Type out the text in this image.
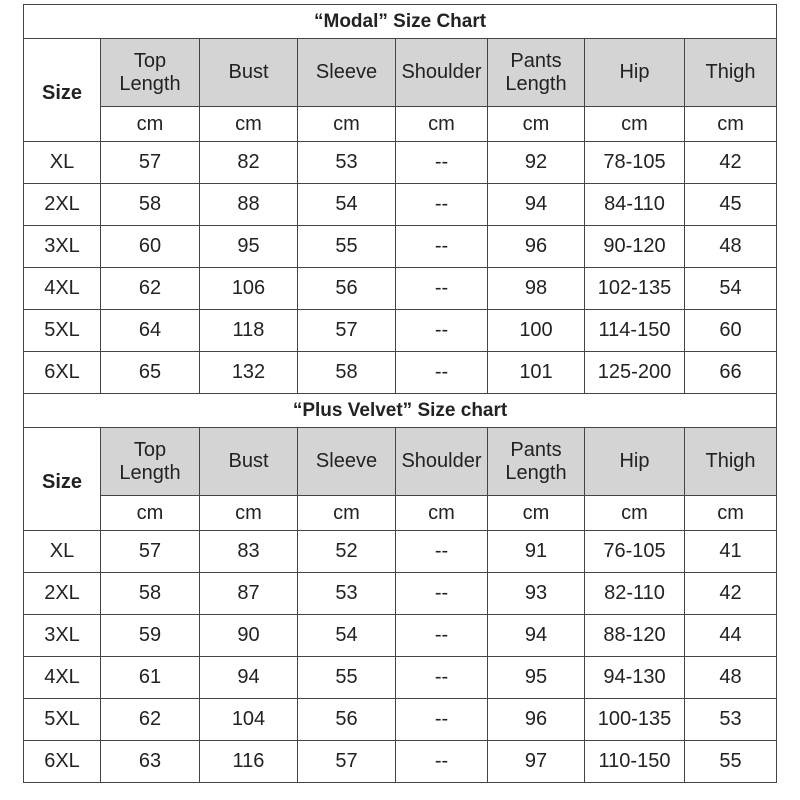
“Modal” Size Chart							
Size	Top Length	Bust	Sleeve	Shoulder	Pants Length	Hip	Thigh
	cm	cm	cm	cm	cm	cm	cm
XL	57	82	53	--	92	78-105	42
2XL	58	88	54	--	94	84-110	45
3XL	60	95	55	--	96	90-120	48
4XL	62	106	56	--	98	102-135	54
5XL	64	118	57	--	100	114-150	60
6XL	65	132	58	--	101	125-200	66
“Plus Velvet” Size chart							
Size	Top Length	Bust	Sleeve	Shoulder	Pants Length	Hip	Thigh
	cm	cm	cm	cm	cm	cm	cm
XL	57	83	52	--	91	76-105	41
2XL	58	87	53	--	93	82-110	42
3XL	59	90	54	--	94	88-120	44
4XL	61	94	55	--	95	94-130	48
5XL	62	104	56	--	96	100-135	53
6XL	63	116	57	--	97	110-150	55
